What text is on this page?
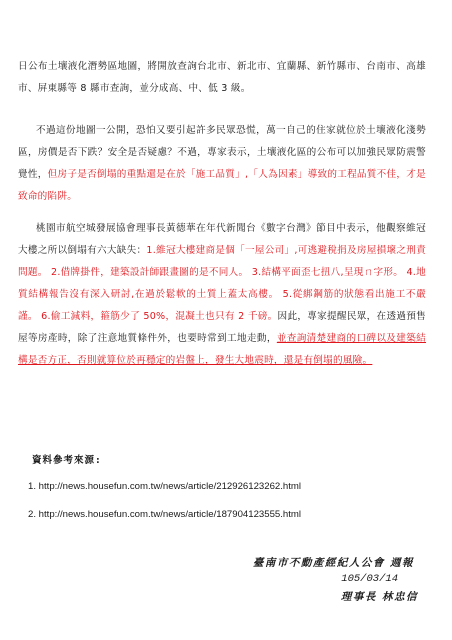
日公布土壤液化潛勢區地圖，將開放查詢台北市、新北市、宜蘭縣、新竹縣市、台南市、高雄市、屏東縣等 8 縣市查詢，並分成高、中、低 3 級。

不過這份地圖一公開，恐怕又要引起許多民眾恐慌，萬一自己的住家就位於土壤液化淺勢區，房價是否下跌？安全是否疑慮？不過，專家表示，土壤液化區的公布可以加強民眾防震警覺性，但房子是否倒塌的重點還是在於「施工品質」,「人為因素」導致的工程品質不佳，才是致命的陷阱。

桃園市航空城發展協會理事長黃德華在年代新聞台《數字台灣》節目中表示，他觀察維冠大樓之所以倒塌有六大缺失：1.維冠大樓建商是個「一屋公司」,可逃避稅捐及房屋損壞之刑責問題。 2.借牌掛件，建築設計師跟畫圖的是不同人。 3.結構平面歪七扭八,呈現ㄇ字形。 4.地質結構報告沒有深入研討,在過於鬆軟的土質上蓋太高樓。 5.從綁鋼筋的狀態看出施工不嚴謹。 6.偷工減料，箍筋少了 50%，混凝土也只有 2 千磅。因此，專家提醒民眾，在透過預售屋等房產時，除了注意地質條件外，也要時常到工地走動，並查詢清楚建商的口碑以及建築結構是否方正，否則就算位於再穩定的岩盤上，發生大地震時，還是有倒塌的風險。

資料參考來源:
1. http://news.housefun.com.tw/news/article/212926123262.html
2. http://news.housefun.com.tw/news/article/187904123555.html
臺南市不動產經紀人公會 週報
105/03/14
理事長 林忠信
